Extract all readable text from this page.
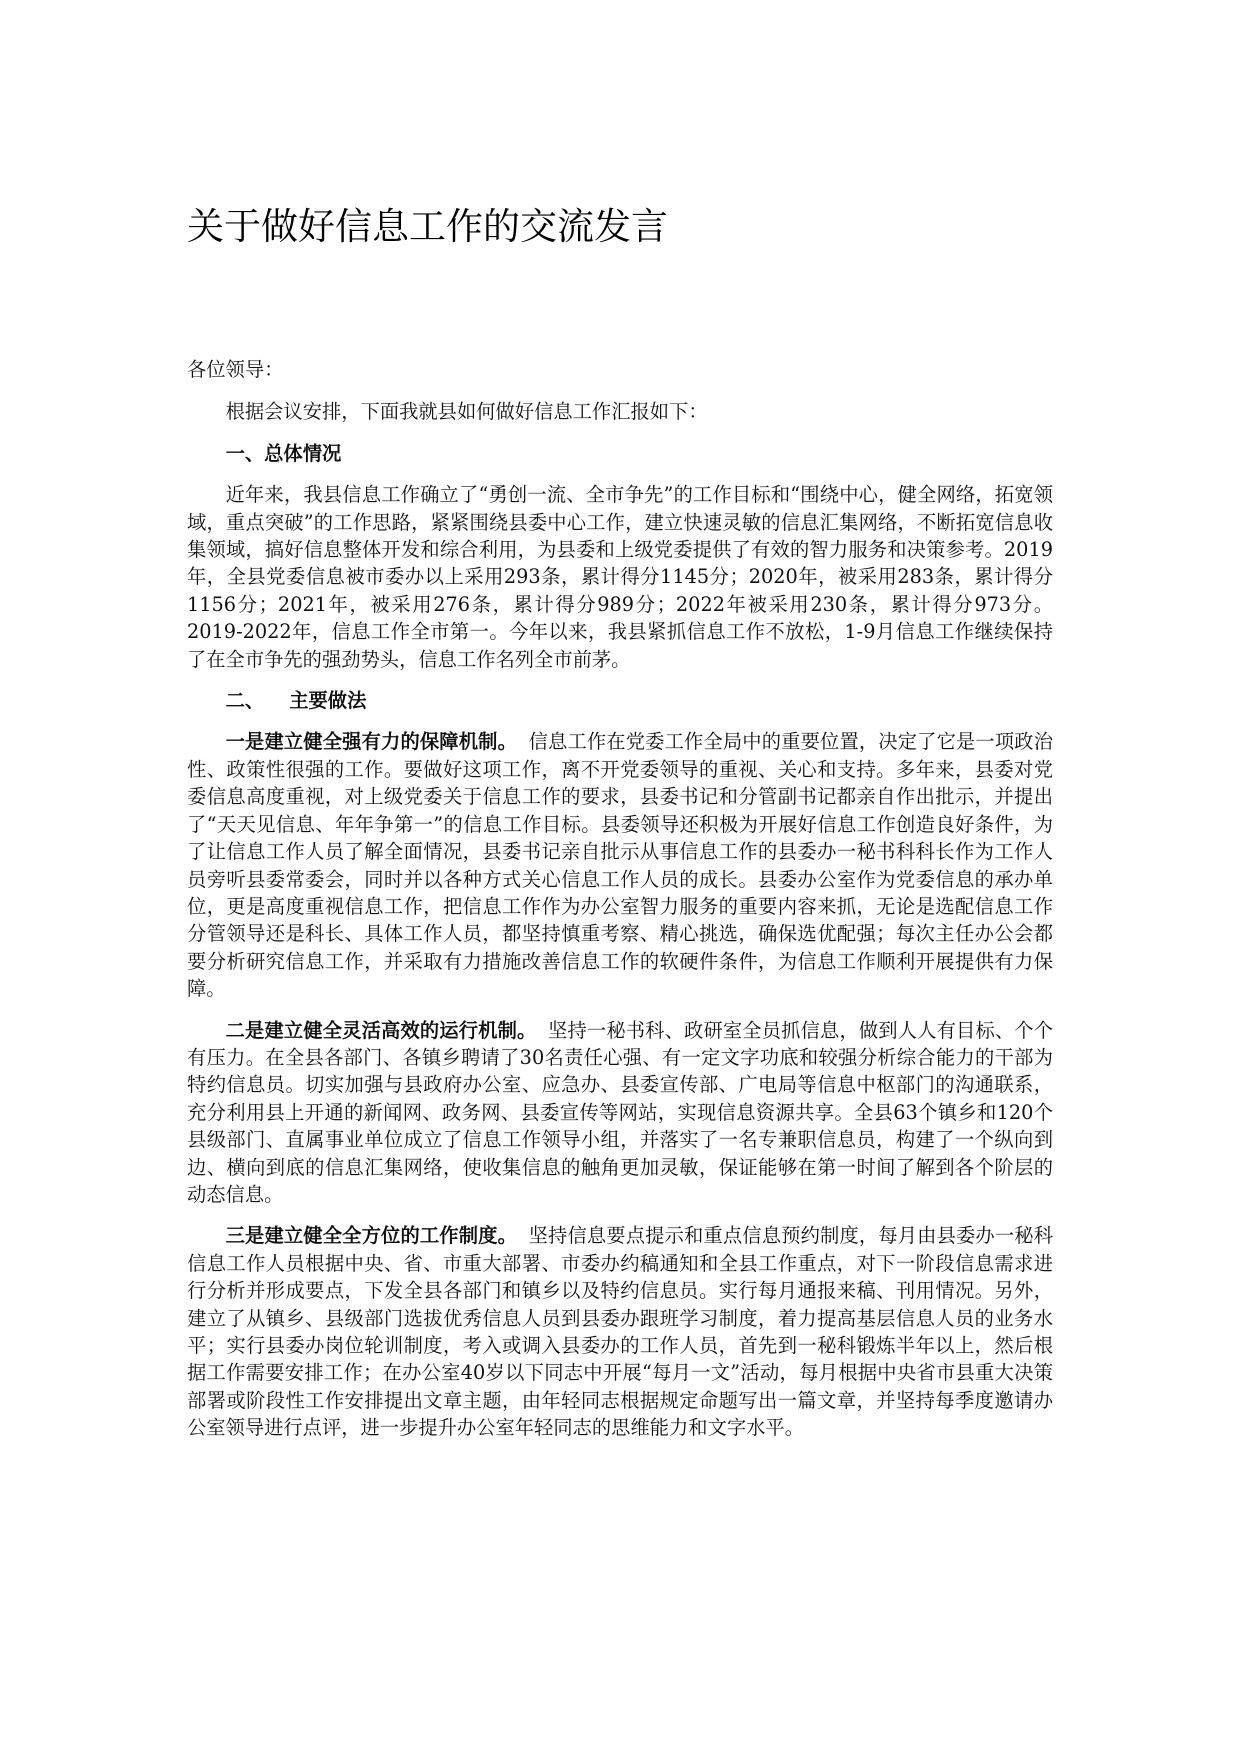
关于做好信息工作的交流发言

各位领导：

根据会议安排，下面我就县如何做好信息工作汇报如下：

一、总体情况

近年来，我县信息工作确立了“勇创一流、全市争先”的工作目标和“围绕中心，健全网络，拓宽领域，重点突破”的工作思路，紧紧围绕县委中心工作，建立快速灵敏的信息汇集网络，不断拓宽信息收集领域，搞好信息整体开发和综合利用，为县委和上级党委提供了有效的智力服务和决策参考。2019年，全县党委信息被市委办以上采用293条，累计得分1145分；2020年，被采用283条，累计得分1156分；2021年，被采用276条，累计得分989分；2022年被采用230条，累计得分973分。2019-2022年，信息工作全市第一。今年以来，我县紧抓信息工作不放松，1-9月信息工作继续保持了在全市争先的强劲势头，信息工作名列全市前茅。

二、 主要做法

一是建立健全强有力的保障机制。 信息工作在党委工作全局中的重要位置，决定了它是一项政治性、政策性很强的工作。要做好这项工作，离不开党委领导的重视、关心和支持。多年来，县委对党委信息高度重视，对上级党委关于信息工作的要求，县委书记和分管副书记都亲自作出批示，并提出了“天天见信息、年年争第一”的信息工作目标。县委领导还积极为开展好信息工作创造良好条件，为了让信息工作人员了解全面情况，县委书记亲自批示从事信息工作的县委办一秘书科科长作为工作人员旁听县委常委会，同时并以各种方式关心信息工作人员的成长。县委办公室作为党委信息的承办单位，更是高度重视信息工作，把信息工作作为办公室智力服务的重要内容来抓，无论是选配信息工作分管领导还是科长、具体工作人员，都坚持慎重考察、精心挑选，确保选优配强；每次主任办公会都要分析研究信息工作，并采取有力措施改善信息工作的软硬件条件，为信息工作顺利开展提供有力保障。

二是建立健全灵活高效的运行机制。 坚持一秘书科、政研室全员抓信息，做到人人有目标、个个有压力。在全县各部门、各镇乡聘请了30名责任心强、有一定文字功底和较强分析综合能力的干部为特约信息员。切实加强与县政府办公室、应急办、县委宣传部、广电局等信息中枢部门的沟通联系，充分利用县上开通的新闻网、政务网、县委宣传等网站，实现信息资源共享。全县63个镇乡和120个县级部门、直属事业单位成立了信息工作领导小组，并落实了一名专兼职信息员，构建了一个纵向到边、横向到底的信息汇集网络，使收集信息的触角更加灵敏，保证能够在第一时间了解到各个阶层的动态信息。

三是建立健全全方位的工作制度。 坚持信息要点提示和重点信息预约制度，每月由县委办一秘科信息工作人员根据中央、省、市重大部署、市委办约稿通知和全县工作重点，对下一阶段信息需求进行分析并形成要点，下发全县各部门和镇乡以及特约信息员。实行每月通报来稿、刊用情况。另外，建立了从镇乡、县级部门选拔优秀信息人员到县委办跟班学习制度，着力提高基层信息人员的业务水平；实行县委办岗位轮训制度，考入或调入县委办的工作人员，首先到一秘科锻炼半年以上，然后根据工作需要安排工作；在办公室40岁以下同志中开展“每月一文”活动，每月根据中央省市县重大决策部署或阶段性工作安排提出文章主题，由年轻同志根据规定命题写出一篇文章，并坚持每季度邀请办公室领导进行点评，进一步提升办公室年轻同志的思维能力和文字水平。
